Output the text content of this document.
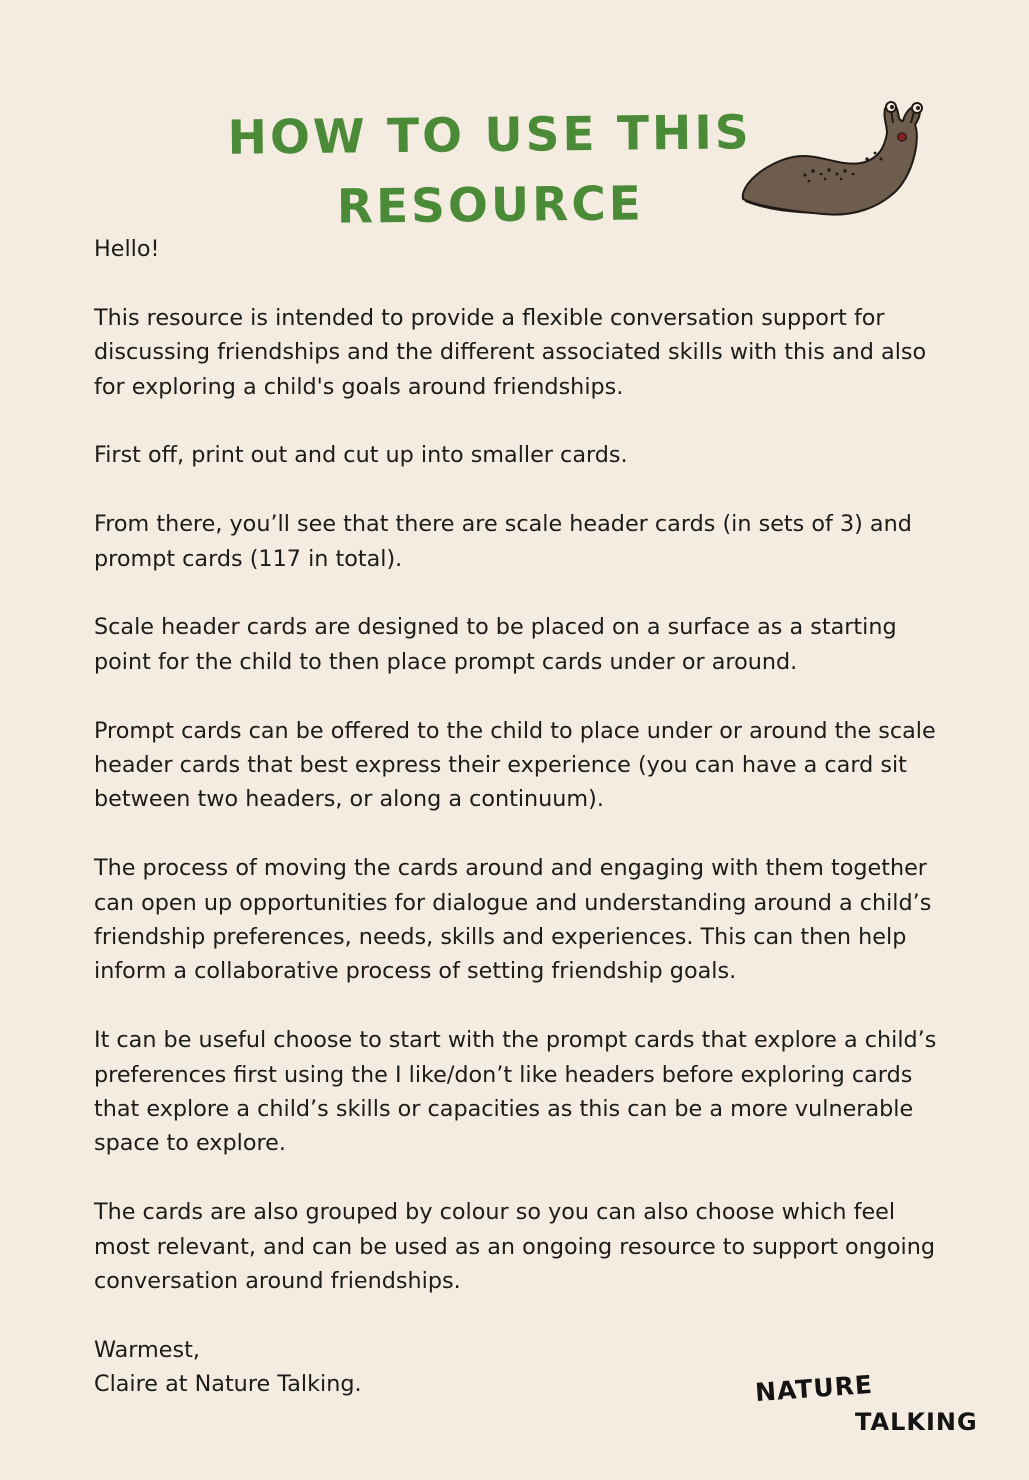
HOW TO USE THIS
RESOURCE

Hello!

This resource is intended to provide a flexible conversation support for
discussing friendships and the different associated skills with this and also
for exploring a child's goals around friendships.

First off, print out and cut up into smaller cards.

From there, you’ll see that there are scale header cards (in sets of 3) and
prompt cards (117 in total).

Scale header cards are designed to be placed on a surface as a starting
point for the child to then place prompt cards under or around.

Prompt cards can be offered to the child to place under or around the scale
header cards that best express their experience (you can have a card sit
between two headers, or along a continuum).

The process of moving the cards around and engaging with them together
can open up opportunities for dialogue and understanding around a child’s
friendship preferences, needs, skills and experiences. This can then help
inform a collaborative process of setting friendship goals.

It can be useful choose to start with the prompt cards that explore a child’s
preferences first using the I like/don’t like headers before exploring cards
that explore a child’s skills or capacities as this can be a more vulnerable
space to explore.

The cards are also grouped by colour so you can also choose which feel
most relevant, and can be used as an ongoing resource to support ongoing
conversation around friendships.

Warmest,
Claire at Nature Talking.	NATURE
TALKING
